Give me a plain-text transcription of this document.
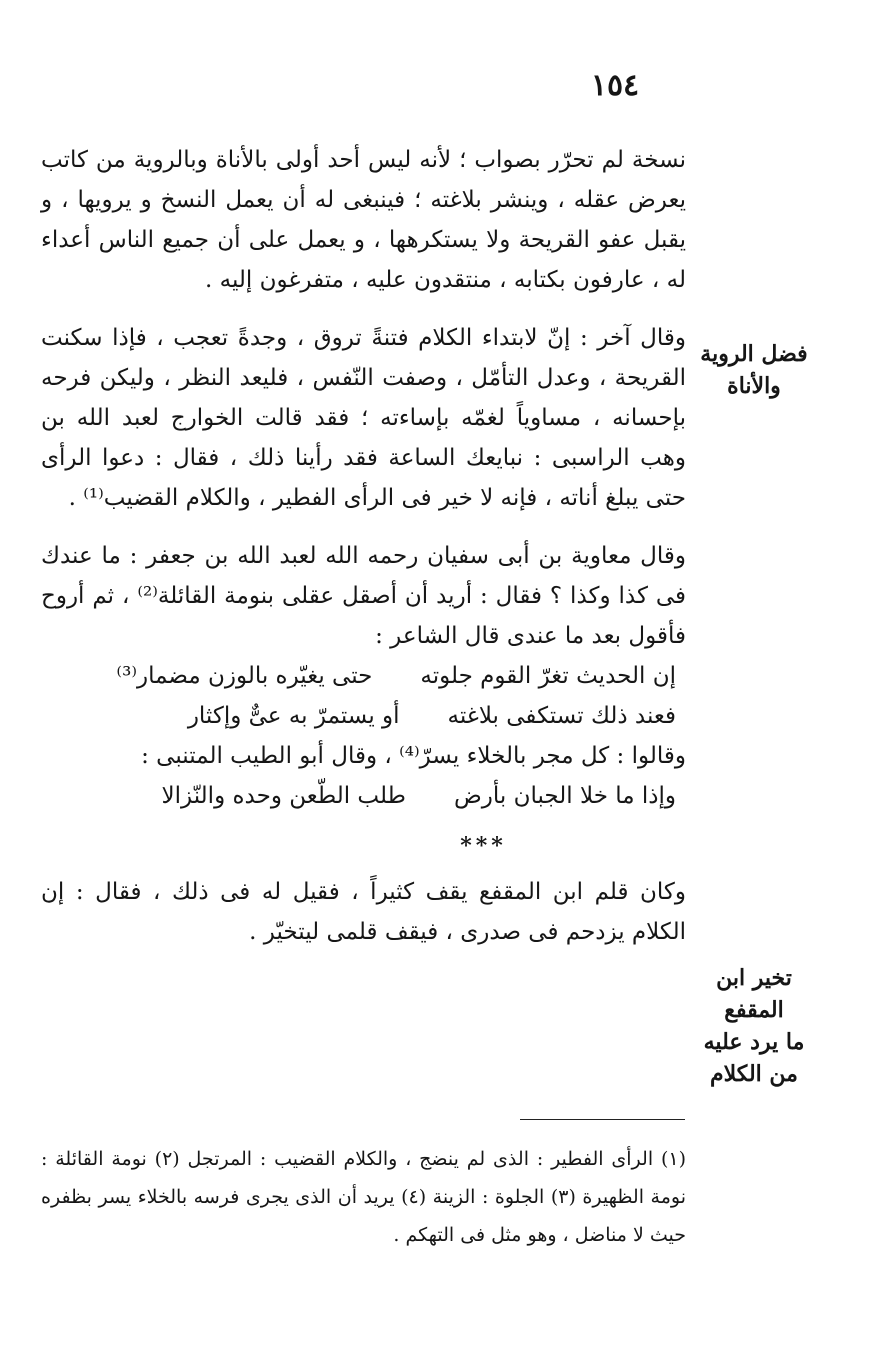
١٥٤
فضل الروية
والأناة
تخير ابن المقفع
ما يرد عليه
من الكلام

نسخة لم تحرّر بصواب ؛ لأنه ليس أحد أولى بالأناة وبالروية من كاتب يعرض عقله ، وينشر بلاغته ؛ فينبغى له أن يعمل النسخ و يرويها ، و يقبل عفو القريحة ولا يستكرهها ، و يعمل على أن جميع الناس أعداء له ، عارفون بكتابه ، منتقدون عليه ، متفرغون إليه .

وقال آخر : إنّ لابتداء الكلام فتنةً تروق ، وجدةً تعجب ، فإذا سكنت القريحة ، وعدل التأمّل ، وصفت النّفس ، فليعد النظر ، وليكن فرحه بإحسانه ، مساوياً لغمّه بإساءته ؛ فقد قالت الخوارج لعبد الله بن وهب الراسبى : نبايعك الساعة فقد رأينا ذلك ، فقال : دعوا الرأى حتى يبلغ أناته ، فإنه لا خير فى الرأى الفطير ، والكلام القضيب⁽¹⁾ .

وقال معاوية بن أبى سفيان رحمه الله لعبد الله بن جعفر : ما عندك فى كذا وكذا ؟ فقال : أريد أن أصقل عقلى بنومة القائلة⁽²⁾ ، ثم أروح فأقول بعد ما عندى قال الشاعر :

إن الحديث تغرّ القوم جلوته
حتى يغيّره بالوزن مضمار⁽³⁾
فعند ذلك تستكفى بلاغته
أو يستمرّ به عىٌّ وإكثار

وقالوا : كل مجر بالخلاء يسرّ⁽⁴⁾ ، وقال أبو الطيب المتنبى :

وإذا ما خلا الجبان بأرض
طلب الطّعن وحده والنّزالا
***

وكان قلم ابن المقفع يقف كثيراً ، فقيل له فى ذلك ، فقال : إن الكلام يزدحم فى صدرى ، فيقف قلمى ليتخيّر .

(١) الرأى الفطير : الذى لم ينضج ، والكلام القضيب : المرتجل (٢) نومة القائلة : نومة الظهيرة (٣) الجلوة : الزينة (٤) يريد أن الذى يجرى فرسه بالخلاء يسر بظفره حيث لا مناضل ، وهو مثل فى التهكم .
